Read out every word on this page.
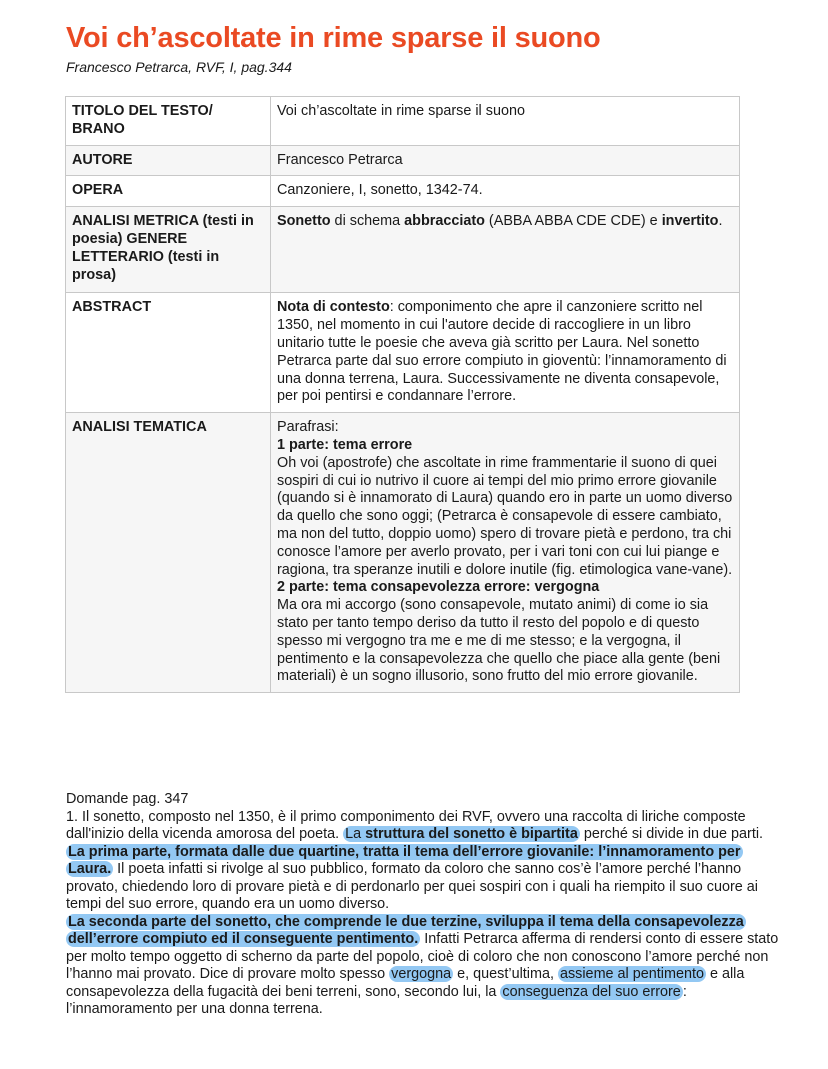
Voi ch’ascoltate in rime sparse il suono
Francesco Petrarca, RVF, I, pag.344
TITOLO DEL TESTO/ BRANO	Voi ch’ascoltate in rime sparse il suono
AUTORE	Francesco Petrarca
OPERA	Canzoniere, I, sonetto, 1342-74.
ANALISI METRICA (testi in poesia) GENERE LETTERARIO (testi in prosa)	Sonetto di schema abbracciato (ABBA ABBA CDE CDE) e invertito.
ABSTRACT	Nota di contesto: componimento che apre il canzoniere scritto nel 1350, nel momento in cui l'autore decide di raccogliere in un libro unitario tutte le poesie che aveva già scritto per Laura. Nel sonetto Petrarca parte dal suo errore compiuto in gioventù: l’innamoramento di una donna terrena, Laura. Successivamente ne diventa consapevole, per poi pentirsi e condannare l’errore.
ANALISI TEMATICA	Parafrasi:

1 parte: tema errore

Oh voi (apostrofe) che ascoltate in rime frammentarie il suono di quei sospiri di cui io nutrivo il cuore ai tempi del mio primo errore giovanile (quando si è innamorato di Laura) quando ero in parte un uomo diverso da quello che sono oggi; (Petrarca è consapevole di essere cambiato, ma non del tutto, doppio uomo) spero di trovare pietà e perdono, tra chi conosce l’amore per averlo provato, per i vari toni con cui lui piange e ragiona, tra speranze inutili e dolore inutile (fig. etimologica vane-vane).

2 parte: tema consapevolezza errore: vergogna

Ma ora mi accorgo (sono consapevole, mutato animi) di come io sia stato per tanto tempo deriso da tutto il resto del popolo e di questo spesso mi vergogno tra me e me di me stesso; e la vergogna, il pentimento e la consapevolezza che quello che piace alla gente (beni materiali) è un sogno illusorio, sono frutto del mio errore giovanile.

Domande pag. 347

1. Il sonetto, composto nel 1350, è il primo componimento dei RVF, ovvero una raccolta di liriche composte dall'inizio della vicenda amorosa del poeta. La struttura del sonetto è bipartita perché si divide in due parti. La prima parte, formata dalle due quartine, tratta il tema dell’errore giovanile: l’innamoramento per Laura. Il poeta infatti si rivolge al suo pubblico, formato da coloro che sanno cos’è l’amore perché l’hanno provato, chiedendo loro di provare pietà e di perdonarlo per quei sospiri con i quali ha riempito il suo cuore ai tempi del suo errore, quando era un uomo diverso.

La seconda parte del sonetto, che comprende le due terzine, sviluppa il tema della consapevolezza dell’errore compiuto ed il conseguente pentimento. Infatti Petrarca afferma di rendersi conto di essere stato per molto tempo oggetto di scherno da parte del popolo, cioè di coloro che non conoscono l’amore perché non l’hanno mai provato. Dice di provare molto spesso vergogna e, quest’ultima, assieme al pentimento e alla consapevolezza della fugacità dei beni terreni, sono, secondo lui, la conseguenza del suo errore : l’innamoramento per una donna terrena.
